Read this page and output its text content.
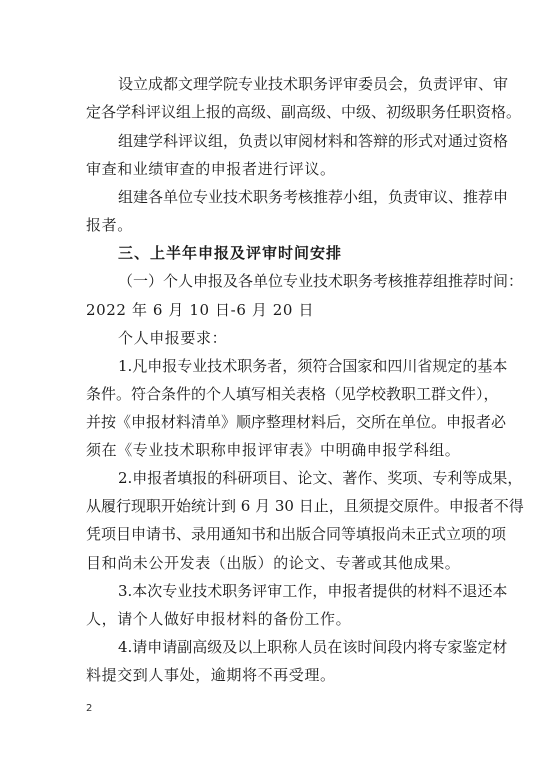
设立成都文理学院专业技术职务评审委员会，负责评审、审
定各学科评议组上报的高级、副高级、中级、初级职务任职资格。
组建学科评议组，负责以审阅材料和答辩的形式对通过资格
审查和业绩审查的申报者进行评议。
组建各单位专业技术职务考核推荐小组，负责审议、推荐申
报者。
三、上半年申报及评审时间安排
（一）个人申报及各单位专业技术职务考核推荐组推荐时间：
2022 年 6 月 10 日-6 月 20 日
个人申报要求：
1.凡申报专业技术职务者，须符合国家和四川省规定的基本
条件。符合条件的个人填写相关表格（见学校教职工群文件），
并按《申报材料清单》顺序整理材料后，交所在单位。申报者必
须在《专业技术职称申报评审表》中明确申报学科组。
2.申报者填报的科研项目、论文、著作、奖项、专利等成果，
从履行现职开始统计到 6 月 30 日止，且须提交原件。申报者不得
凭项目申请书、录用通知书和出版合同等填报尚未正式立项的项
目和尚未公开发表（出版）的论文、专著或其他成果。
3.本次专业技术职务评审工作，申报者提供的材料不退还本
人，请个人做好申报材料的备份工作。
4.请申请副高级及以上职称人员在该时间段内将专家鉴定材
料提交到人事处，逾期将不再受理。
2
